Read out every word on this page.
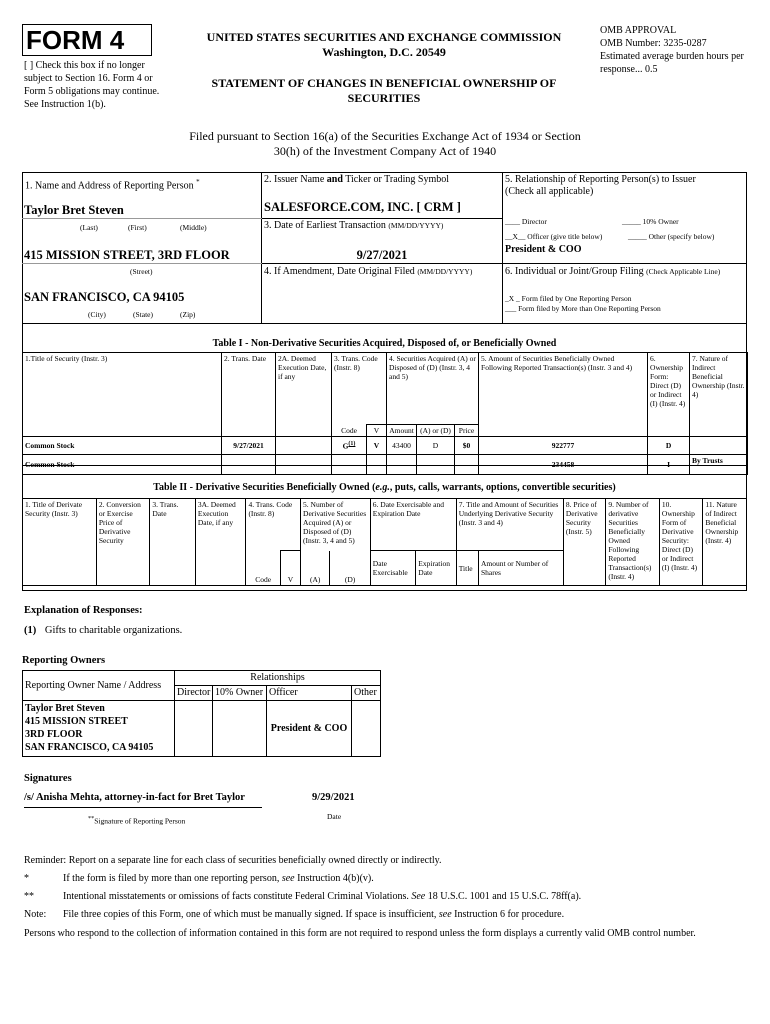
FORM 4
[ ] Check this box if no longer subject to Section 16. Form 4 or Form 5 obligations may continue. See Instruction 1(b).
UNITED STATES SECURITIES AND EXCHANGE COMMISSION
Washington, D.C. 20549
STATEMENT OF CHANGES IN BENEFICIAL OWNERSHIP OF SECURITIES
OMB APPROVAL
OMB Number: 3235-0287
Estimated average burden hours per response... 0.5
Filed pursuant to Section 16(a) of the Securities Exchange Act of 1934 or Section 30(h) of the Investment Company Act of 1940
1. Name and Address of Reporting Person *
Taylor Bret Steven
(Last)	(First)	(Middle)
415 MISSION STREET, 3RD FLOOR
(Street)
SAN FRANCISCO, CA 94105
(City)	(State)	(Zip)
2. Issuer Name and Ticker or Trading Symbol
SALESFORCE.COM, INC. [ CRM ]
3. Date of Earliest Transaction (MM/DD/YYYY)
9/27/2021
4. If Amendment, Date Original Filed (MM/DD/YYYY)
5. Relationship of Reporting Person(s) to Issuer
(Check all applicable)
____ Director	_____ 10% Owner
__X__ Officer (give title below)	_____ Other (specify below)
President & COO
6. Individual or Joint/Group Filing (Check Applicable Line)
_X _ Form filed by One Reporting Person
___ Form filed by More than One Reporting Person
Table I - Non-Derivative Securities Acquired, Disposed of, or Beneficially Owned
1.Title of Security (Instr. 3)	2. Trans. Date	2A. Deemed Execution Date, if any	3. Trans. Code (Instr. 8)		4. Securities Acquired (A) or Disposed of (D) (Instr. 3, 4 and 5)			5. Amount of Securities Beneficially Owned Following Reported Transaction(s) (Instr. 3 and 4)	6. Ownership Form: Direct (D) or Indirect (I) (Instr. 4)	7. Nature of Indirect Beneficial Ownership (Instr. 4)
			Code	V	Amount	(A) or (D)	Price			
Common Stock	9/27/2021		$G^{(1)}$	V	43400	D	$0	922777	D	
Common Stock								234458	I	By Trusts
Table II - Derivative Securities Beneficially Owned (e.g., puts, calls, warrants, options, convertible securities)
1. Title of Derivate Security (Instr. 3)	2. Conversion or Exercise Price of Derivative Security	3. Trans. Date	3A. Deemed Execution Date, if any	4. Trans. Code (Instr. 8)		5. Number of Derivative Securities Acquired (A) or Disposed of (D) (Instr. 3, 4 and 5)		6. Date Exercisable and Expiration Date		7. Title and Amount of Securities Underlying Derivative Security (Instr. 3 and 4)		8. Price of Derivative Security (Instr. 5)	9. Number of derivative Securities Beneficially Owned Following Reported Transaction(s) (Instr. 4)	10. Ownership Form of Derivative Security: Direct (D) or Indirect (I) (Instr. 4)	11. Nature of Indirect Beneficial Ownership (Instr. 4)
				Code	V	(A)	(D)	Date Exercisable	Expiration Date	Title	Amount or Number of Shares				
Explanation of Responses:
(1) Gifts to charitable organizations.
Reporting Owners
Reporting Owner Name / Address	Relationships			
	Director	10% Owner	Officer	Other

Taylor Bret Steven
415 MISSION STREET
3RD FLOOR
SAN FRANCISCO, CA 94105			President & COO	
Signatures
/s/ Anisha Mehta, attorney-in-fact for Bret Taylor	9/29/2021
**Signature of Reporting Person	Date
Reminder: Report on a separate line for each class of securities beneficially owned directly or indirectly.
*	If the form is filed by more than one reporting person, see Instruction 4(b)(v).
**	Intentional misstatements or omissions of facts constitute Federal Criminal Violations. See 18 U.S.C. 1001 and 15 U.S.C. 78ff(a).
Note: File three copies of this Form, one of which must be manually signed. If space is insufficient, see Instruction 6 for procedure.
Persons who respond to the collection of information contained in this form are not required to respond unless the form displays a currently valid OMB control number.
